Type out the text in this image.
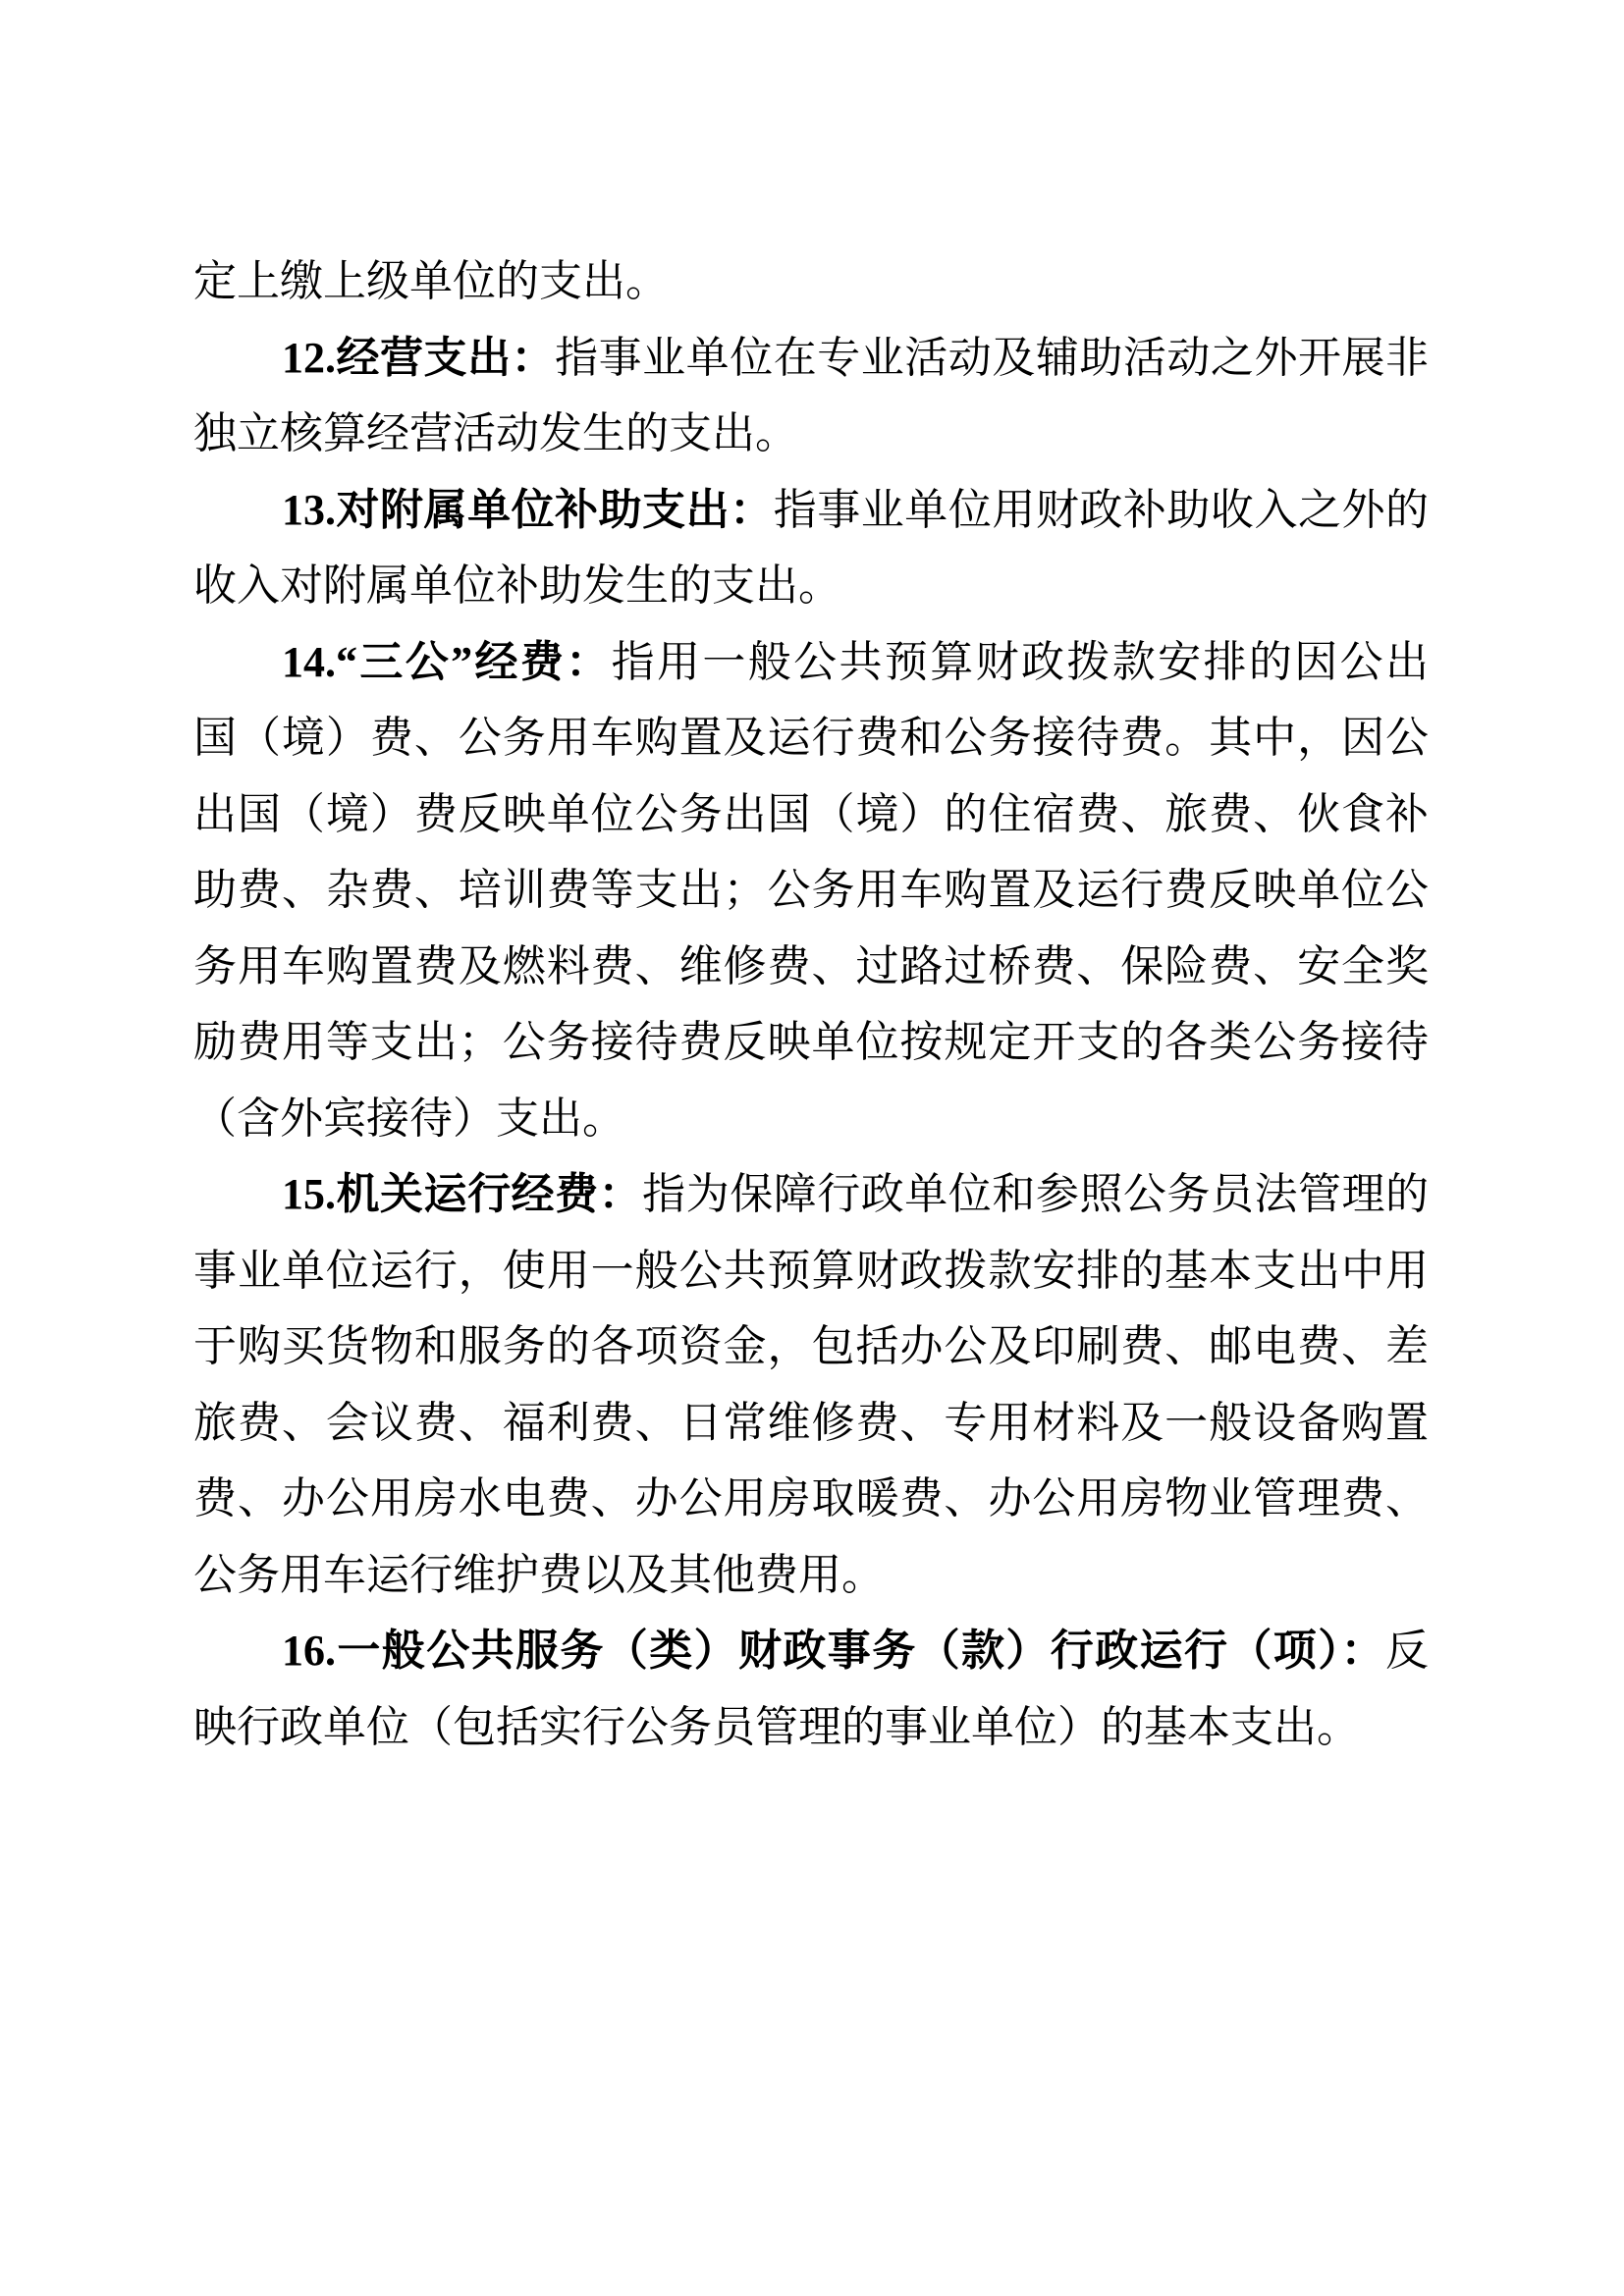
定上缴上级单位的支出。
12.经营支出：指事业单位在专业活动及辅助活动之外开展非
独立核算经营活动发生的支出。
13.对附属单位补助支出：指事业单位用财政补助收入之外的
收入对附属单位补助发生的支出。
14.“三公”经费：指用一般公共预算财政拨款安排的因公出
国（境）费、公务用车购置及运行费和公务接待费。其中，因公
出国（境）费反映单位公务出国（境）的住宿费、旅费、伙食补
助费、杂费、培训费等支出；公务用车购置及运行费反映单位公
务用车购置费及燃料费、维修费、过路过桥费、保险费、安全奖
励费用等支出；公务接待费反映单位按规定开支的各类公务接待
（含外宾接待）支出。
15.机关运行经费：指为保障行政单位和参照公务员法管理的
事业单位运行，使用一般公共预算财政拨款安排的基本支出中用
于购买货物和服务的各项资金，包括办公及印刷费、邮电费、差
旅费、会议费、福利费、日常维修费、专用材料及一般设备购置
费、办公用房水电费、办公用房取暖费、办公用房物业管理费、
公务用车运行维护费以及其他费用。
16.一般公共服务（类）财政事务（款）行政运行（项）：反
映行政单位（包括实行公务员管理的事业单位）的基本支出。
